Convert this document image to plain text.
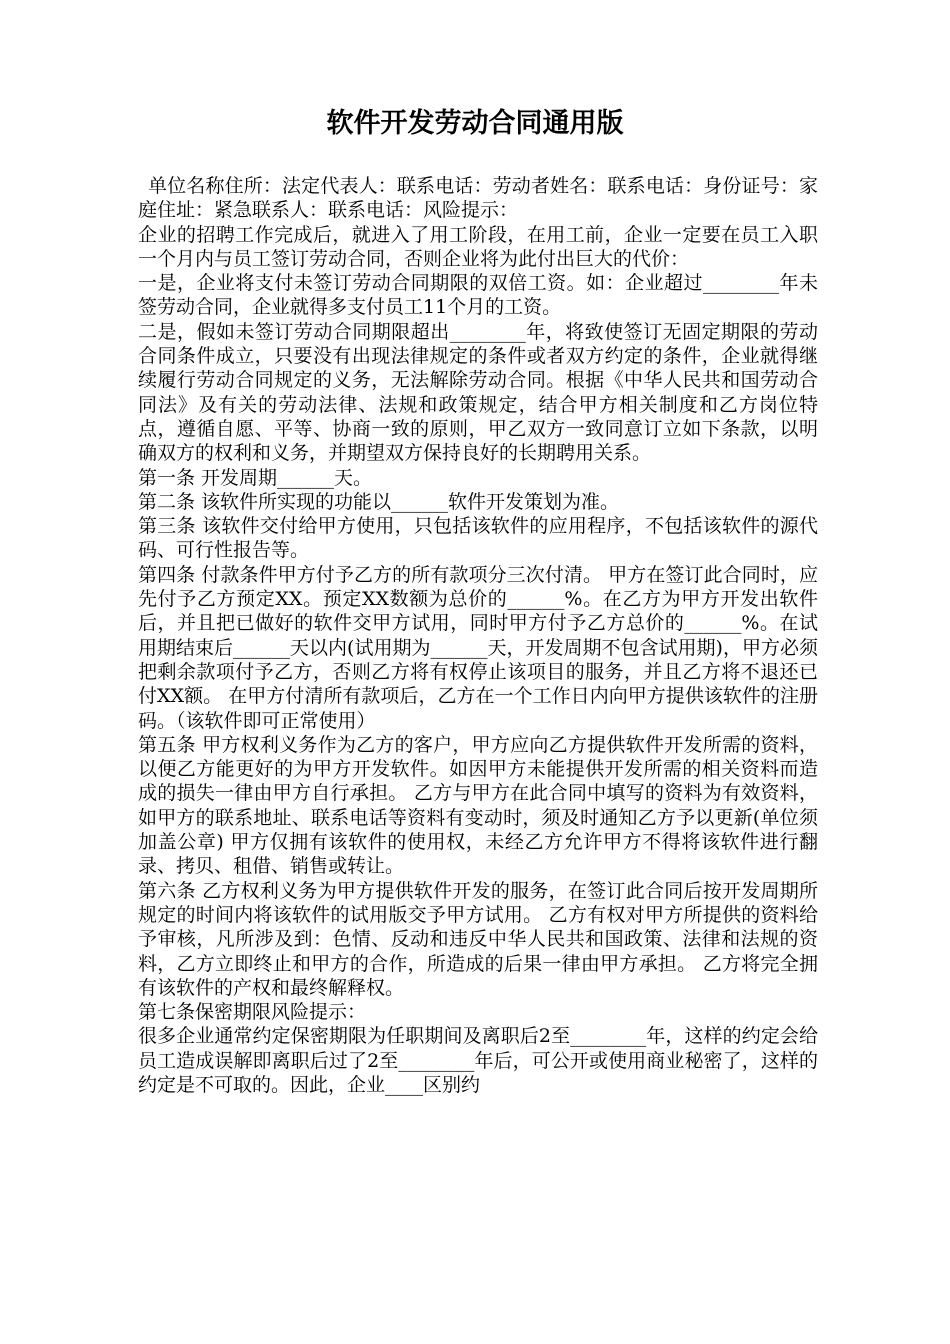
软件开发劳动合同通用版

单位名称住所：法定代表人：联系电话：劳动者姓名：联系电话：身份证号：家庭住址：紧急联系人：联系电话：风险提示：

企业的招聘工作完成后，就进入了用工阶段，在用工前，企业一定要在员工入职一个月内与员工签订劳动合同，否则企业将为此付出巨大的代价：

一是，企业将支付未签订劳动合同期限的双倍工资。如：企业超过________年未签劳动合同，企业就得多支付员工11个月的工资。

二是，假如未签订劳动合同期限超出________年，将致使签订无固定期限的劳动合同条件成立，只要没有出现法律规定的条件或者双方约定的条件，企业就得继续履行劳动合同规定的义务，无法解除劳动合同。根据《中华人民共和国劳动合同法》及有关的劳动法律、法规和政策规定，结合甲方相关制度和乙方岗位特点，遵循自愿、平等、协商一致的原则，甲乙双方一致同意订立如下条款，以明确双方的权利和义务，并期望双方保持良好的长期聘用关系。

第一条 开发周期______天。

第二条 该软件所实现的功能以______软件开发策划为准。

第三条 该软件交付给甲方使用，只包括该软件的应用程序，不包括该软件的源代码、可行性报告等。

第四条 付款条件甲方付予乙方的所有款项分三次付清。 甲方在签订此合同时，应先付予乙方预定XX。预定XX数额为总价的______%。在乙方为甲方开发出软件后，并且把已做好的软件交甲方试用，同时甲方付予乙方总价的______%。在试用期结束后______天以内(试用期为______天，开发周期不包含试用期)，甲方必须把剩余款项付予乙方，否则乙方将有权停止该项目的服务，并且乙方将不退还已付XX额。 在甲方付清所有款项后，乙方在一个工作日内向甲方提供该软件的注册码。（该软件即可正常使用）

第五条 甲方权利义务作为乙方的客户，甲方应向乙方提供软件开发所需的资料，以便乙方能更好的为甲方开发软件。如因甲方未能提供开发所需的相关资料而造成的损失一律由甲方自行承担。 乙方与甲方在此合同中填写的资料为有效资料，如甲方的联系地址、联系电话等资料有变动时，须及时通知乙方予以更新(单位须加盖公章) 甲方仅拥有该软件的使用权，未经乙方允许甲方不得将该软件进行翻录、拷贝、租借、销售或转让。

第六条 乙方权利义务为甲方提供软件开发的服务，在签订此合同后按开发周期所规定的时间内将该软件的试用版交予甲方试用。 乙方有权对甲方所提供的资料给予审核，凡所涉及到：色情、反动和违反中华人民共和国政策、法律和法规的资料，乙方立即终止和甲方的合作，所造成的后果一律由甲方承担。 乙方将完全拥有该软件的产权和最终解释权。

第七条保密期限风险提示：

很多企业通常约定保密期限为任职期间及离职后2至________年，这样的约定会给员工造成误解即离职后过了2至________年后，可公开或使用商业秘密了，这样的约定是不可取的。因此，企业____区别约
